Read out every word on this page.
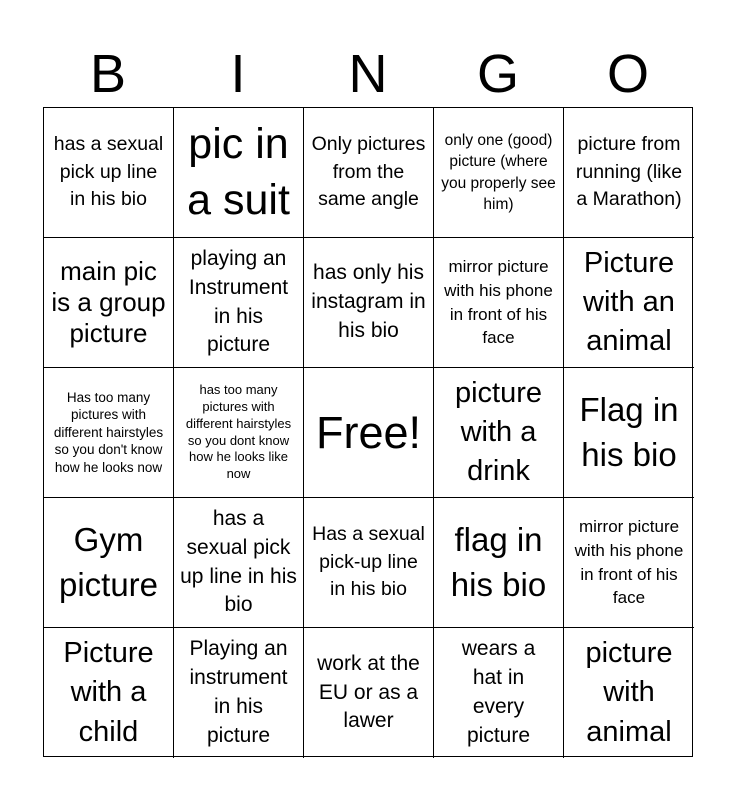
B	I	N	G	O
has a sexual pick up line in his bio
pic in a suit
Only pictures from the same angle
only one (good) picture (where you properly see him)
picture from running (like a Marathon)
main pic is a group picture
playing an Instrument in his picture
has only his instagram in his bio
mirror picture with his phone in front of his face
Picture with an animal
Has too many pictures with different hairstyles so you don't know how he looks now
has too many pictures with different hairstyles so you dont know how he looks like now
Free!
picture with a drink
Flag in his bio
Gym picture
has a sexual pick up line in his bio
Has a sexual pick-up line in his bio
flag in his bio
mirror picture with his phone in front of his face
Picture with a child
Playing an instrument in his picture
work at the EU or as a lawer
wears a hat in every picture
picture with animal
